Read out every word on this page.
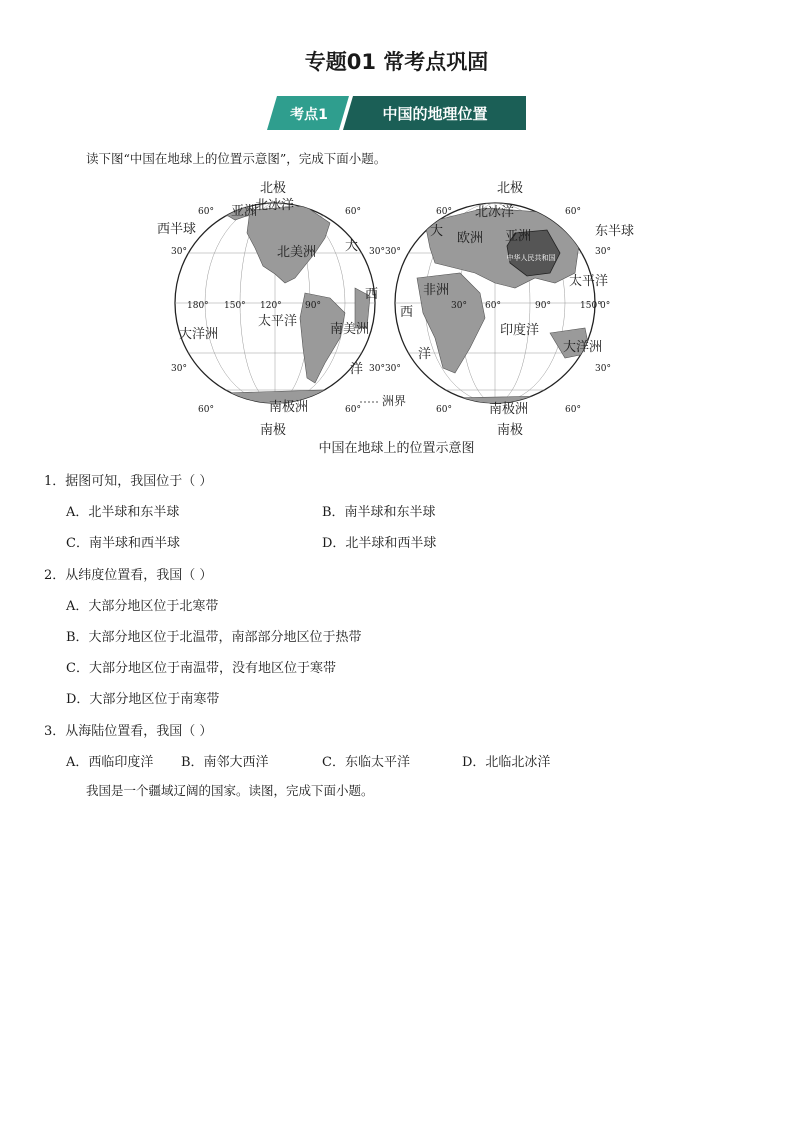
专题01 常考点巩固
考点1	中国的地理位置
读下图“中国在地球上的位置示意图”，完成下面小题。
北极	北极
南极	南极
西半球	东半球
北冰洋	北冰洋
亚洲
亚洲
北美洲
南美洲
欧洲
非洲
大洋洲
南极洲	南极洲
太平洋
太平洋
印度洋
大
西
洋
西
洋
大
大洋洲
洲界
中华人民共和国
60°	60°
30°
30°
60°	60°
180° 150° 120°	90°
30°30°
30°30°
60°	60°
30°
30°
60°	60°
30° 60°	90°	150°
0°
中国在地球上的位置示意图
1．据图可知，我国位于（ ）
A．北半球和东半球	B．南半球和东半球
C．南半球和西半球	D．北半球和西半球
2．从纬度位置看，我国（ ）
A．大部分地区位于北寒带
B．大部分地区位于北温带，南部部分地区位于热带
C．大部分地区位于南温带，没有地区位于寒带
D．大部分地区位于南寒带
3．从海陆位置看，我国（ ）
A．西临印度洋 B．南邻大西洋	C．东临太平洋	D．北临北冰洋
我国是一个疆域辽阔的国家。读图，完成下面小题。
